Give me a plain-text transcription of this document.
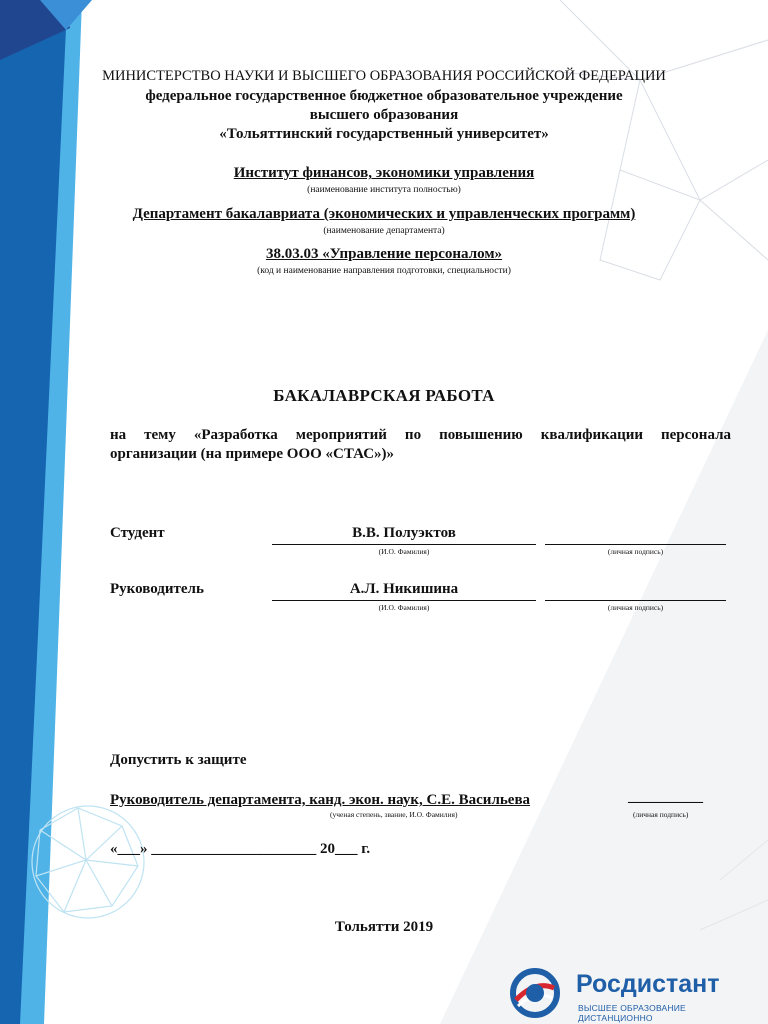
МИНИСТЕРСТВО НАУКИ И ВЫСШЕГО ОБРАЗОВАНИЯ РОССИЙСКОЙ ФЕДЕРАЦИИ
федеральное государственное бюджетное образовательное учреждение
высшего образования
«Тольяттинский государственный университет»
Институт финансов, экономики управления
(наименование института полностью)
Департамент бакалавриата (экономических и управленческих программ)
(наименование департамента)
38.03.03 «Управление персоналом»
(код и наименование направления подготовки, специальности)
БАКАЛАВРСКАЯ РАБОТА
на тему «Разработка мероприятий по повышению квалификации персонала
организации (на примере ООО «СТАС»)»
Студент	В.В. Полуэктов
(И.О. Фамилия)	(личная подпись)
Руководитель	А.Л. Никишина
(И.О. Фамилия)	(личная подпись)
Допустить к защите
Руководитель департамента, канд. экон. наук, С.Е. Васильева	__________
(ученая степень, звание, И.О. Фамилия)	(личная подпись)
«___» ______________________ 20___ г.
Тольятти 2019
Росдистант
ВЫСШЕЕ ОБРАЗОВАНИЕ ДИСТАНЦИОННО
